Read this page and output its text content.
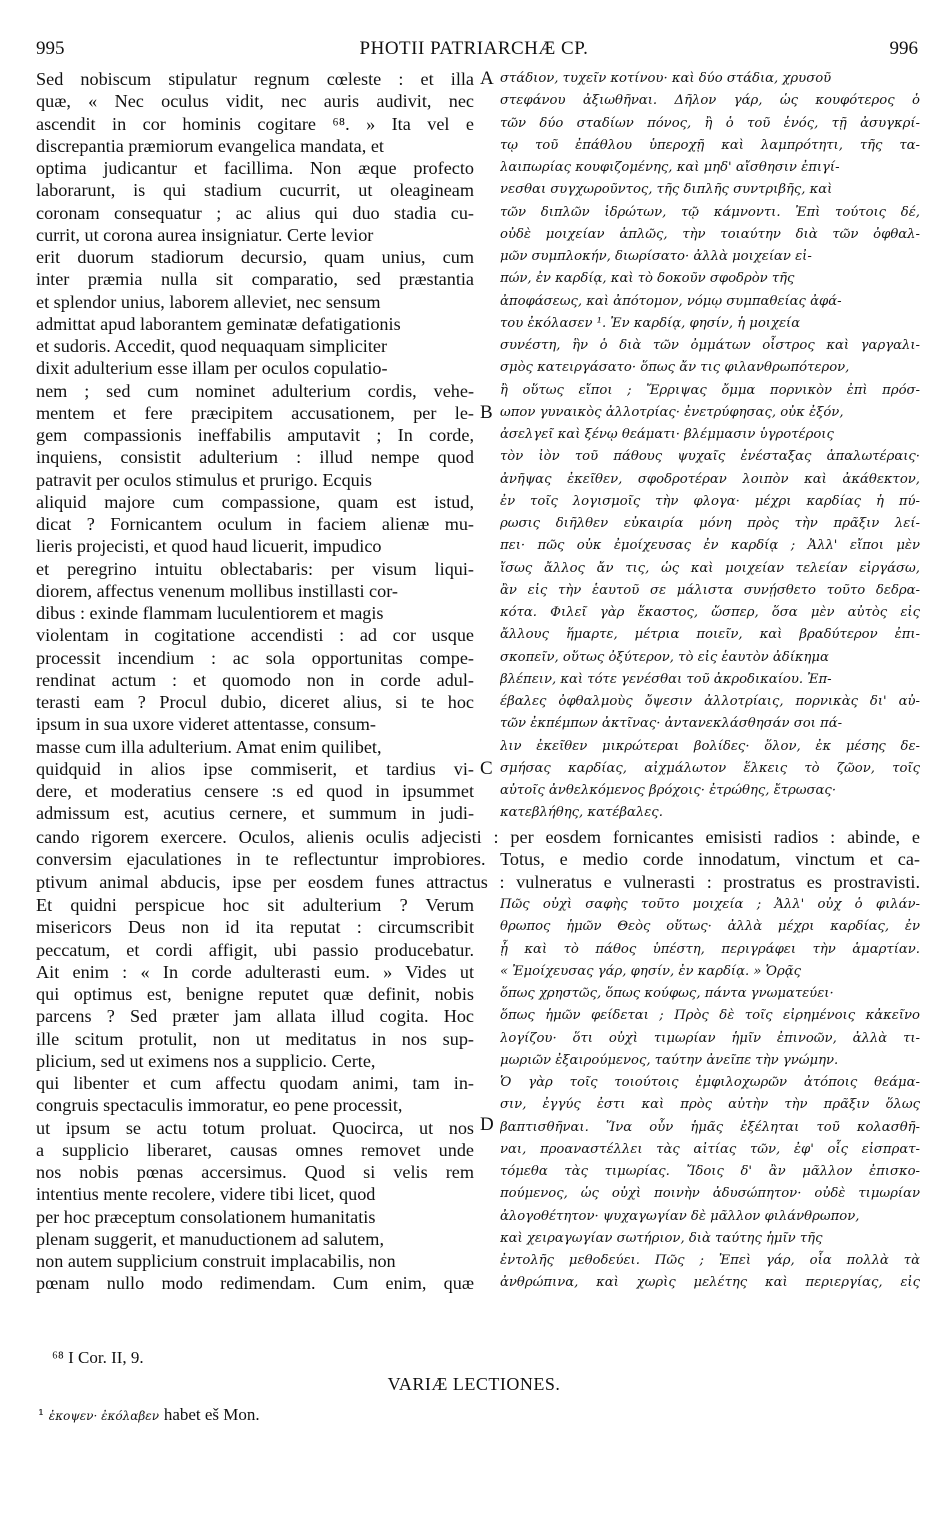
995	PHOTII PATRIARCHÆ CP.	996
Sed nobiscum stipulatur regnum cœleste : et illa
quæ, « Nec oculus vidit, nec auris audivit, nec
ascendit in cor hominis cogitare ⁶⁸. » Ita vel e
discrepantia præmiorum evangelica mandata, et
optima judicantur et facillima. Non æque profecto
laborarunt, is qui stadium cucurrit, ut oleagineam
coronam consequatur ; ac alius qui duo stadia cu-
currit, ut corona aurea insigniatur. Certe levior
erit duorum stadiorum decursio, quam unius, cum
inter præmia nulla sit comparatio, sed præstantia
et splendor unius, laborem alleviet, nec sensum
admittat apud laborantem geminatæ defatigationis
et sudoris. Accedit, quod nequaquam simpliciter
dixit adulterium esse illam per oculos copulatio-
nem ; sed cum nominet adulterium cordis, vehe-
mentem et fere præcipitem accusationem, per le-
gem compassionis ineffabilis amputavit ; In corde,
inquiens, consistit adulterium : illud nempe quod
patravit per oculos stimulus et prurigo. Ecquis
aliquid majore cum compassione, quam est istud,
dicat ? Fornicantem oculum in faciem alienæ mu-
lieris projecisti, et quod haud licuerit, impudico
et peregrino intuitu oblectabaris: per visum liqui-
diorem, affectus venenum mollibus instillasti cor-
dibus : exinde flammam luculentiorem et magis
violentam in cogitatione accendisti : ad cor usque
processit incendium : ac sola opportunitas compe-
rendinat actum : et quomodo non in corde adul-
terasti eam ? Procul dubio, diceret alius, si te hoc
ipsum in sua uxore videret attentasse, consum-
masse cum illa adulterium. Amat enim quilibet,
quidquid in alios ipse commiserit, et tardius vi-
dere, et moderatius censere :s ed quod in ipsummet
admissum est, acutius cernere, et summum in judi-
στάδιον, τυχεῖν κοτίνου· καὶ δύο στάδια, χρυσοῦ
στεφάνου ἀξιωθῆναι. Δῆλον γάρ, ὡς κουφότερος ὁ
τῶν δύο σταδίων πόνος, ἢ ὁ τοῦ ἑνός, τῇ ἀσυγκρί-
τῳ τοῦ ἐπάθλου ὑπεροχῇ καὶ λαμπρότητι, τῆς τα-
λαιπωρίας κουφιζομένης, καὶ μηδ' αἴσθησιν ἐπιγί-
νεσθαι συγχωροῦντος, τῆς διπλῆς συντριβῆς, καὶ
τῶν διπλῶν ἱδρώτων, τῷ κάμνοντι. Ἐπὶ τούτοις δέ,
οὐδὲ μοιχείαν ἁπλῶς, τὴν τοιαύτην διὰ τῶν ὀφθαλ-
μῶν συμπλοκήν, διωρίσατο· ἀλλὰ μοιχείαν εἰ-
πών, ἐν καρδίᾳ, καὶ τὸ δοκοῦν σφοδρὸν τῆς
ἀποφάσεως, καὶ ἀπότομον, νόμῳ συμπαθείας ἀφά-
του ἐκόλασεν ¹. Ἐν καρδίᾳ, φησίν, ἡ μοιχεία
συνέστη, ἣν ὁ διὰ τῶν ὀμμάτων οἶστρος καὶ γαργαλι-
σμὸς κατειργάσατο· ὅπως ἄν τις φιλανθρωπότερον,
ἢ οὕτως εἴποι ; Ἔρριψας ὄμμα πορνικὸν ἐπὶ πρόσ-
ωπον γυναικὸς ἀλλοτρίας· ἐνετρύφησας, οὐκ ἐξόν,
ἀσελγεῖ καὶ ξένῳ θεάματι· βλέμμασιν ὑγροτέροις
τὸν ἰὸν τοῦ πάθους ψυχαῖς ἐνέσταξας ἁπαλωτέραις·
ἀνῆψας ἐκεῖθεν, σφοδροτέραν λοιπὸν καὶ ἀκάθεκτον,
ἐν τοῖς λογισμοῖς τὴν φλογα· μέχρι καρδίας ἡ πύ-
ρωσις διῆλθεν εὐκαιρία μόνη πρὸς τὴν πρᾶξιν λεί-
πει· πῶς οὐκ ἐμοίχευσας ἐν καρδίᾳ ; Ἀλλ' εἴποι μὲν
ἴσως ἄλλος ἄν τις, ὡς καὶ μοιχείαν τελείαν εἰργάσω,
ἂν εἰς τὴν ἑαυτοῦ σε μάλιστα συνῄσθετο τοῦτο δεδρα-
κότα. Φιλεῖ γὰρ ἕκαστος, ὥσπερ, ὅσα μὲν αὐτὸς εἰς
ἄλλους ἥμαρτε, μέτρια ποιεῖν, καὶ βραδύτερον ἐπι-
σκοπεῖν, οὕτως ὀξύτερον, τὸ εἰς ἑαυτὸν ἀδίκημα
βλέπειν, καὶ τότε γενέσθαι τοῦ ἀκροδικαίου. Ἐπ-
έβαλες ὀφθαλμοὺς ὄψεσιν ἀλλοτρίαις, πορνικὰς δι' αὐ-
τῶν ἐκπέμπων ἀκτῖνας· ἀντανεκλάσθησάν σοι πά-
λιν ἐκεῖθεν μικρώτεραι βολίδες· ὅλον, ἐκ μέσης δε-
σμήσας καρδίας, αἰχμάλωτον ἕλκεις τὸ ζῶον, τοῖς
αὐτοῖς ἀνθελκόμενος βρόχοις· ἐτρώθης, ἔτρωσας·
κατεβλήθης, κατέβαλες.
A
B
C
D
cando rigorem exercere. Oculos, alienis oculis adjecisti : per eosdem fornicantes emisisti radios : abinde, e
conversim ejaculationes in te reflectuntur improbiores. Totus, e medio corde innodatum, vinctum et ca-
ptivum animal abducis, ipse per eosdem funes attractus : vulneratus e vulnerasti : prostratus es prostravisti.
Et quidni perspicue hoc sit adulterium ? Verum
misericors Deus non id ita reputat : circumscribit
peccatum, et cordi affigit, ubi passio producebatur.
Ait enim : « In corde adulterasti eum. » Vides ut
qui optimus est, benigne reputet quæ definit, nobis
parcens ? Sed præter jam allata illud cogita. Hoc
ille scitum protulit, non ut meditatus in nos sup-
plicium, sed ut eximens nos a supplicio. Certe,
qui libenter et cum affectu quodam animi, tam in-
congruis spectaculis immoratur, eo pene processit,
ut ipsum se actu totum proluat. Quocirca, ut nos
a supplicio liberaret, causas omnes removet unde
nos nobis pœnas accersimus. Quod si velis rem
intentius mente recolere, videre tibi licet, quod
per hoc præceptum consolationem humanitatis
plenam suggerit, et manuductionem ad salutem,
non autem supplicium construit implacabilis, non
pœnam nullo modo redimendam. Cum enim, quæ
Πῶς οὐχὶ σαφὴς τοῦτο μοιχεία ; Ἀλλ' οὐχ ὁ φιλάν-
θρωπος ἡμῶν Θεὸς οὕτως· ἀλλὰ μέχρι καρδίας, ἐν
ᾗ καὶ τὸ πάθος ὑπέστη, περιγράφει τὴν ἁμαρτίαν.
« Ἐμοίχευσας γάρ, φησίν, ἐν καρδίᾳ. » Ὁρᾷς
ὅπως χρηστῶς, ὅπως κούφως, πάντα γνωματεύει·
ὅπως ἡμῶν φείδεται ; Πρὸς δὲ τοῖς εἰρημένοις κἀκεῖνο
λογίζου· ὅτι οὐχὶ τιμωρίαν ἡμῖν ἐπινοῶν, ἀλλὰ τι-
μωριῶν ἐξαιρούμενος, ταύτην ἀνεῖπε τὴν γνώμην.
Ὁ γὰρ τοῖς τοιούτοις ἐμφιλοχωρῶν ἀτόποις θεάμα-
σιν, ἐγγύς ἐστι καὶ πρὸς αὐτὴν τὴν πρᾶξιν ὅλως
βαπτισθῆναι. Ἵνα οὖν ἡμᾶς ἐξέληται τοῦ κολασθῆ-
ναι, προαναστέλλει τὰς αἰτίας τῶν, ἐφ' οἷς εἰσπρατ-
τόμεθα τὰς τιμωρίας. Ἴδοις δ' ἂν μᾶλλον ἐπισκο-
πούμενος, ὡς οὐχὶ ποινὴν ἀδυσώπητον· οὐδὲ τιμωρίαν
ἀλογοθέτητον· ψυχαγωγίαν δὲ μᾶλλον φιλάνθρωπον,
καὶ χειραγωγίαν σωτήριον, διὰ ταύτης ἡμῖν τῆς
ἐντολῆς μεθοδεύει. Πῶς ; Ἐπεὶ γάρ, οἷα πολλὰ τὰ
ἀνθρώπινα, καὶ χωρὶς μελέτης καὶ περιεργίας, εἰς
⁶⁸ I Cor. II, 9.
VARIÆ LECTIONES.
¹ ἐκοψεν· ἐκόλαβεν habet eš Mon.
